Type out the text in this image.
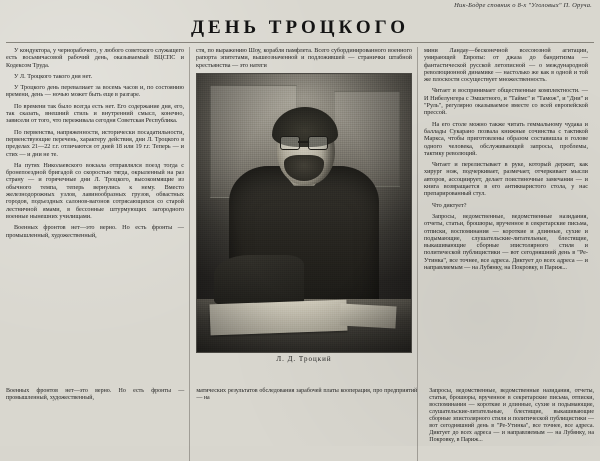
Ник-Бодре сповник о 8-х "Уголовых" П. Оруча.
ДЕНЬ ТРОЦКОГО

У кондуктора, у чернорабочего, у любого советского служащего есть восьмичасовой рабочий день, оказываемый ВЦСПС и Кодексом Труда.

У Л. Троцкого такого дня нет.

У Троцкого день перевалиает за восемь часов и, по состоянию времени, день — ночью может быть еще в разгаре.

По времени так было всегда есть нет. Его содержание дня, его, так сказать, внешний стиль и внутренний смысл, конечно, зависели от того, что переживала сегодня Советская Республика.

По первенства, напряженности, исторически посадатильности, первенствующие перечень, характеру действия, дни Л. Троцкого в пределах 21—22 г.г. отличаются от дней 18 или 19 г.г. Теперь — и стих — и дни не те.

На путях Николаевского вокзала отправлялся поезд тогда с бронепоездной бригадой со скоростью тягда, окрыленный на раз страну — и горячечные дни Л. Троцкого, высокоимящие из обычного темпа, теперь вернулись к нему. Вместо железнодорожных узлов, лавинообразных грузов, обвастных городов, подъездных салонов-вагонов сотрясающихся со старой лестничной ямами, в бессонные штурмующих загородного военные нынешних училищами.

Военных фронтов нет—это верно. Но есть фронты — промышленный, художественный,

стя, по выражению Шоу, корабля памфлета. Всего субординированного военного рапорта эпитетами, вышеозначенной и подложившей — странички штабной крестьянства — это натеги

Л. Д. Троцкий

мини Ландау—бесконечной всесоюзной агитации, умирающей Европы: от джаза до бандитизма — фантастической русской летописной — о международной революционной динамике — настолько же как в одной и той же плоскости сосуществует множественность.

Читает и воспринимает общественные комплектности. — И Нибелунгера с Эмшетного, и "Таймс" и "Тамож", и "Дни" и "Руль", регулярно оказываемое вместе со всей европейской прессой.

На его столе можно также читать геммальному чудака и баллады Сукарано позвала книжные сочинства с тактикой Маркса, чтобы приготовлены образом составишла в голове одного человека, обслуживающей запросы, проблемы, тактику революций.

Читает и перелистывает в руке, который держит, как хирург нож, подчеркивает, размечает, отчеркивает мысли авторов, ассоциирует, делает поистиночные замечания — и книга возвращается в его антикваристого стола, у нас препарированный стул.

Что диктует?

Запросы, ведомственные, ведомственные назидания, отчеты, статьи, брошюры, врученное в секретарские письма, отписки, воспоминания — короткие и длинные, сухие и подымающие, слушательские-литательные, блестящие, выкашивающие сборные эпистолярного стиля и политической публицистики — вот сегодняшний день в "Ре-Утинка", все точнее, все адреса. Диктует до всех адреса — и направляемым — на Лубянку, на Покровку, в Париж...

Военных фронтов нет—это верно. Но есть фронты — промышленный, художественный,
матических результатов обследования зарабочей платы кооперация, про предприятий — на
Запросы, ведомственные, ведомственные назидания, отчеты, статьи, брошюры, врученное в секретарские письма, отписки, воспоминания — короткие и длинные, сухие и подымающие, слушательские-литательные, блестящие, выкашивающие сборные эпистолярного стиля и политической публицистики — вот сегодняшний день в "Ре-Утинка", все точнее, все адреса. Диктует до всех адреса — и направляемым — на Лубянку, на Покровку, в Париж...
